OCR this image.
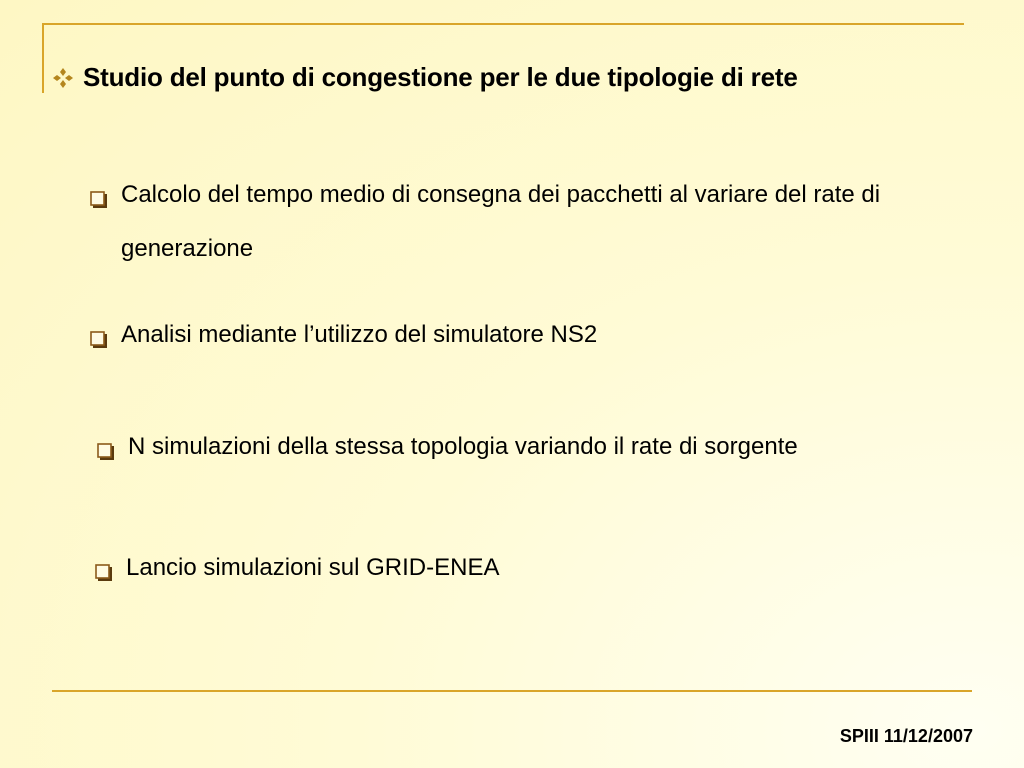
Studio del punto di congestione per le due tipologie di rete
Calcolo del tempo medio di consegna dei pacchetti al variare del rate di generazione
Analisi mediante l’utilizzo del simulatore NS2
N simulazioni della stessa topologia variando il rate di sorgente
Lancio simulazioni sul GRID-ENEA
SPIII 11/12/2007
